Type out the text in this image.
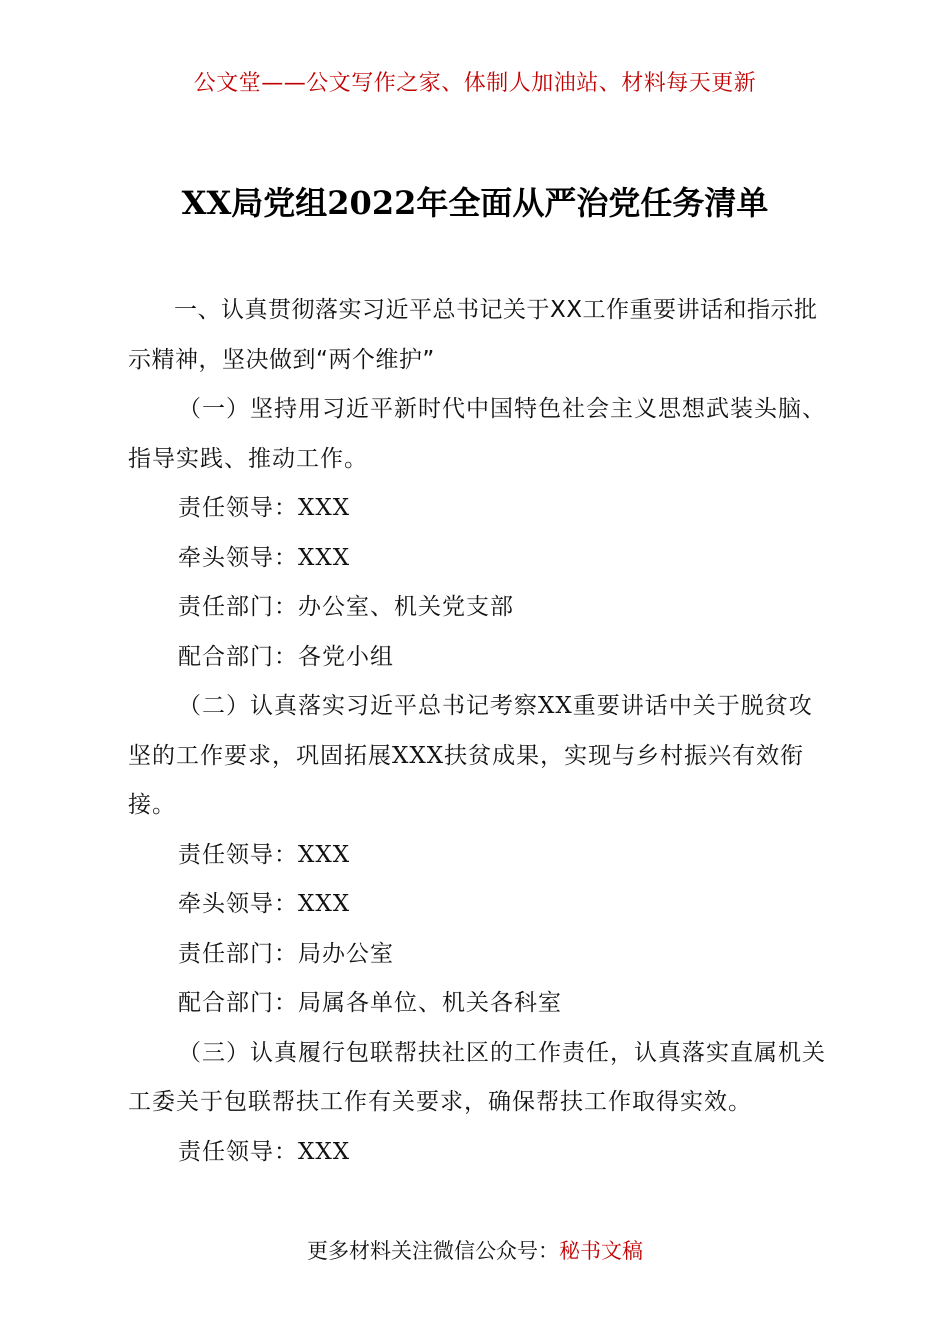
公文堂——公文写作之家、体制人加油站、材料每天更新
XX局党组2022年全面从严治党任务清单

一、认真贯彻落实习近平总书记关于XX工作重要讲话和指示批示精神，坚决做到“两个维护”

（一）坚持用习近平新时代中国特色社会主义思想武装头脑、指导实践、推动工作。

责任领导：XXX

牵头领导：XXX

责任部门：办公室、机关党支部

配合部门：各党小组

（二）认真落实习近平总书记考察XX重要讲话中关于脱贫攻坚的工作要求，巩固拓展XXX扶贫成果，实现与乡村振兴有效衔接。

责任领导：XXX

牵头领导：XXX

责任部门：局办公室

配合部门：局属各单位、机关各科室

（三）认真履行包联帮扶社区的工作责任，认真落实直属机关工委关于包联帮扶工作有关要求，确保帮扶工作取得实效。

责任领导：XXX

更多材料关注微信公众号：秘书文稿
